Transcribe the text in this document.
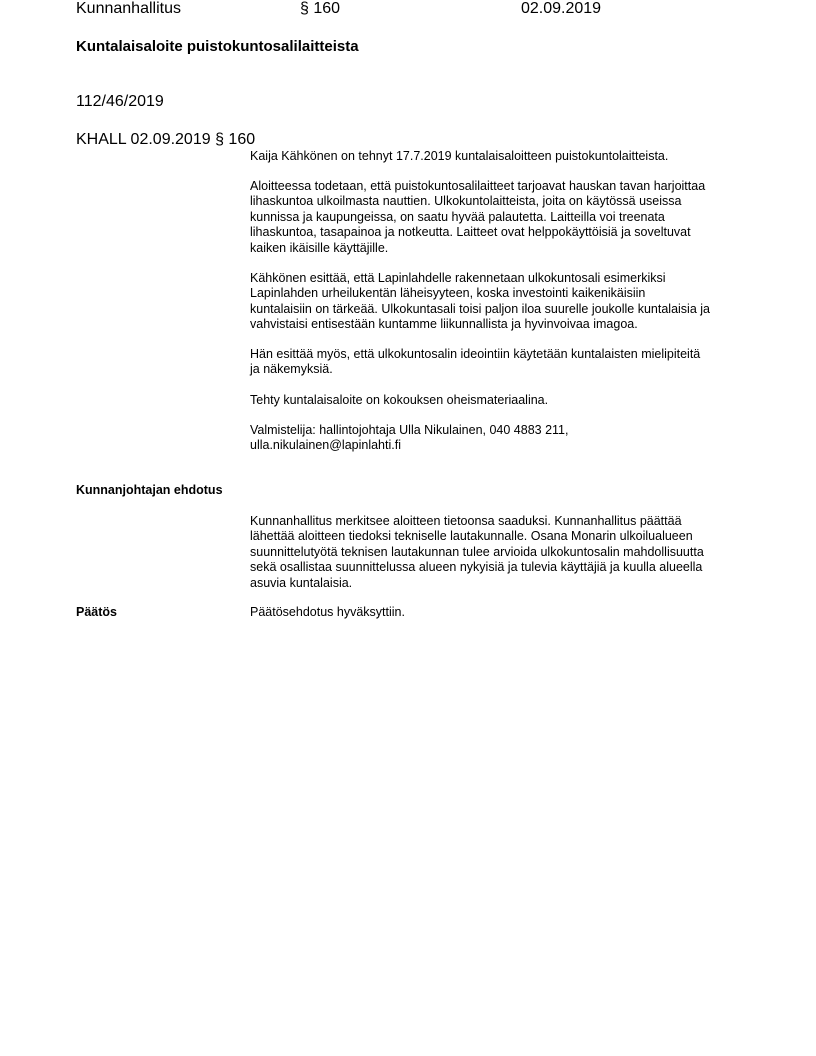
Kunnanhallitus	§ 160	02.09.2019
Kuntalaisaloite puistokuntosalilaitteista
112/46/2019
KHALL 02.09.2019 § 160
Kaija Kähkönen on tehnyt 17.7.2019 kuntalaisaloitteen puistokuntolaitteista.
Aloitteessa todetaan, että puistokuntosalilaitteet tarjoavat hauskan tavan harjoittaa
lihaskuntoa ulkoilmasta nauttien. Ulkokuntolaitteista, joita on käytössä useissa
kunnissa ja kaupungeissa, on saatu hyvää palautetta. Laitteilla voi treenata
lihaskuntoa, tasapainoa ja notkeutta. Laitteet ovat helppokäyttöisiä ja soveltuvat
kaiken ikäisille käyttäjille.
Kähkönen esittää, että Lapinlahdelle rakennetaan ulkokuntosali esimerkiksi
Lapinlahden urheilukentän läheisyyteen, koska investointi kaikenikäisiin
kuntalaisiin on tärkeää. Ulkokuntasali toisi paljon iloa suurelle joukolle kuntalaisia ja
vahvistaisi entisestään kuntamme liikunnallista ja hyvinvoivaa imagoa.
Hän esittää myös, että ulkokuntosalin ideointiin käytetään kuntalaisten mielipiteitä
ja näkemyksiä.
Tehty kuntalaisaloite on kokouksen oheismateriaalina.
Valmistelija: hallintojohtaja Ulla Nikulainen, 040 4883 211,
ulla.nikulainen@lapinlahti.fi
Kunnanjohtajan ehdotus
Kunnanhallitus merkitsee aloitteen tietoonsa saaduksi. Kunnanhallitus päättää
lähettää aloitteen tiedoksi tekniselle lautakunnalle. Osana Monarin ulkoilualueen
suunnittelutyötä teknisen lautakunnan tulee arvioida ulkokuntosalin mahdollisuutta
sekä osallistaa suunnittelussa alueen nykyisiä ja tulevia käyttäjiä ja kuulla alueella
asuvia kuntalaisia.
Päätös	Päätösehdotus hyväksyttiin.
